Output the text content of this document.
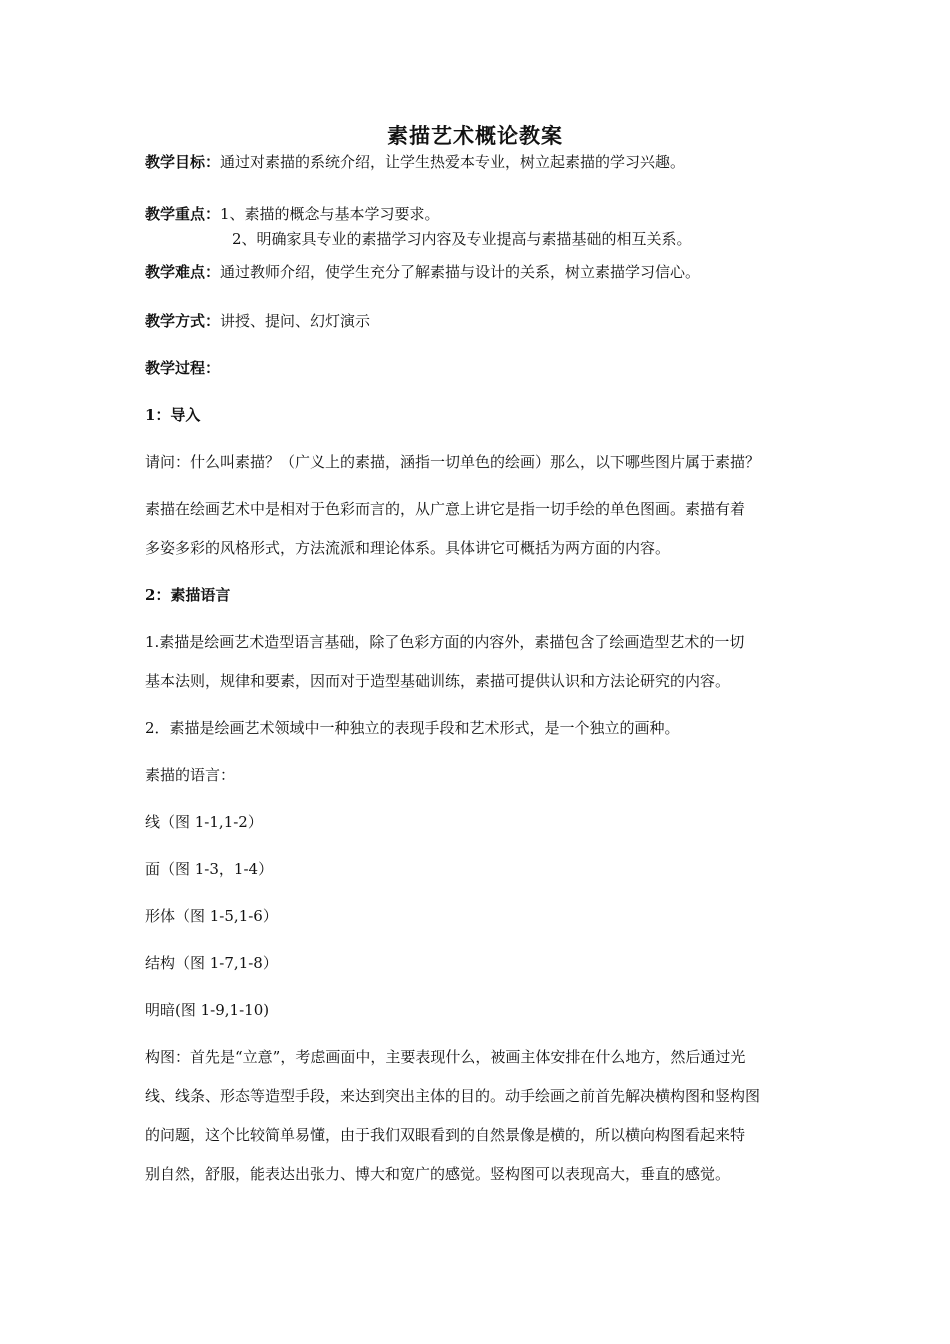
素描艺术概论教案
教学目标：通过对素描的系统介绍，让学生热爱本专业，树立起素描的学习兴趣。
教学重点：1、素描的概念与基本学习要求。
2、明确家具专业的素描学习内容及专业提高与素描基础的相互关系。
教学难点：通过教师介绍，使学生充分了解素描与设计的关系，树立素描学习信心。
教学方式：讲授、提问、幻灯演示
教学过程：
1：导入
请问：什么叫素描？（广义上的素描，涵指一切单色的绘画）那么，以下哪些图片属于素描？
素描在绘画艺术中是相对于色彩而言的，从广意上讲它是指一切手绘的单色图画。素描有着
多姿多彩的风格形式，方法流派和理论体系。具体讲它可概括为两方面的内容。
2：素描语言
1.素描是绘画艺术造型语言基础，除了色彩方面的内容外，素描包含了绘画造型艺术的一切
基本法则，规律和要素，因而对于造型基础训练，素描可提供认识和方法论研究的内容。
2．素描是绘画艺术领域中一种独立的表现手段和艺术形式，是一个独立的画种。
素描的语言：
线（图 1-1,1-2）
面（图 1-3，1-4）
形体（图 1-5,1-6）
结构（图 1-7,1-8）
明暗(图 1-9,1-10)
构图：首先是“立意”，考虑画面中，主要表现什么，被画主体安排在什么地方，然后通过光
线、线条、形态等造型手段，来达到突出主体的目的。动手绘画之前首先解决横构图和竖构图
的问题，这个比较简单易懂，由于我们双眼看到的自然景像是横的，所以横向构图看起来特
别自然，舒服，能表达出张力、博大和宽广的感觉。竖构图可以表现高大，垂直的感觉。
